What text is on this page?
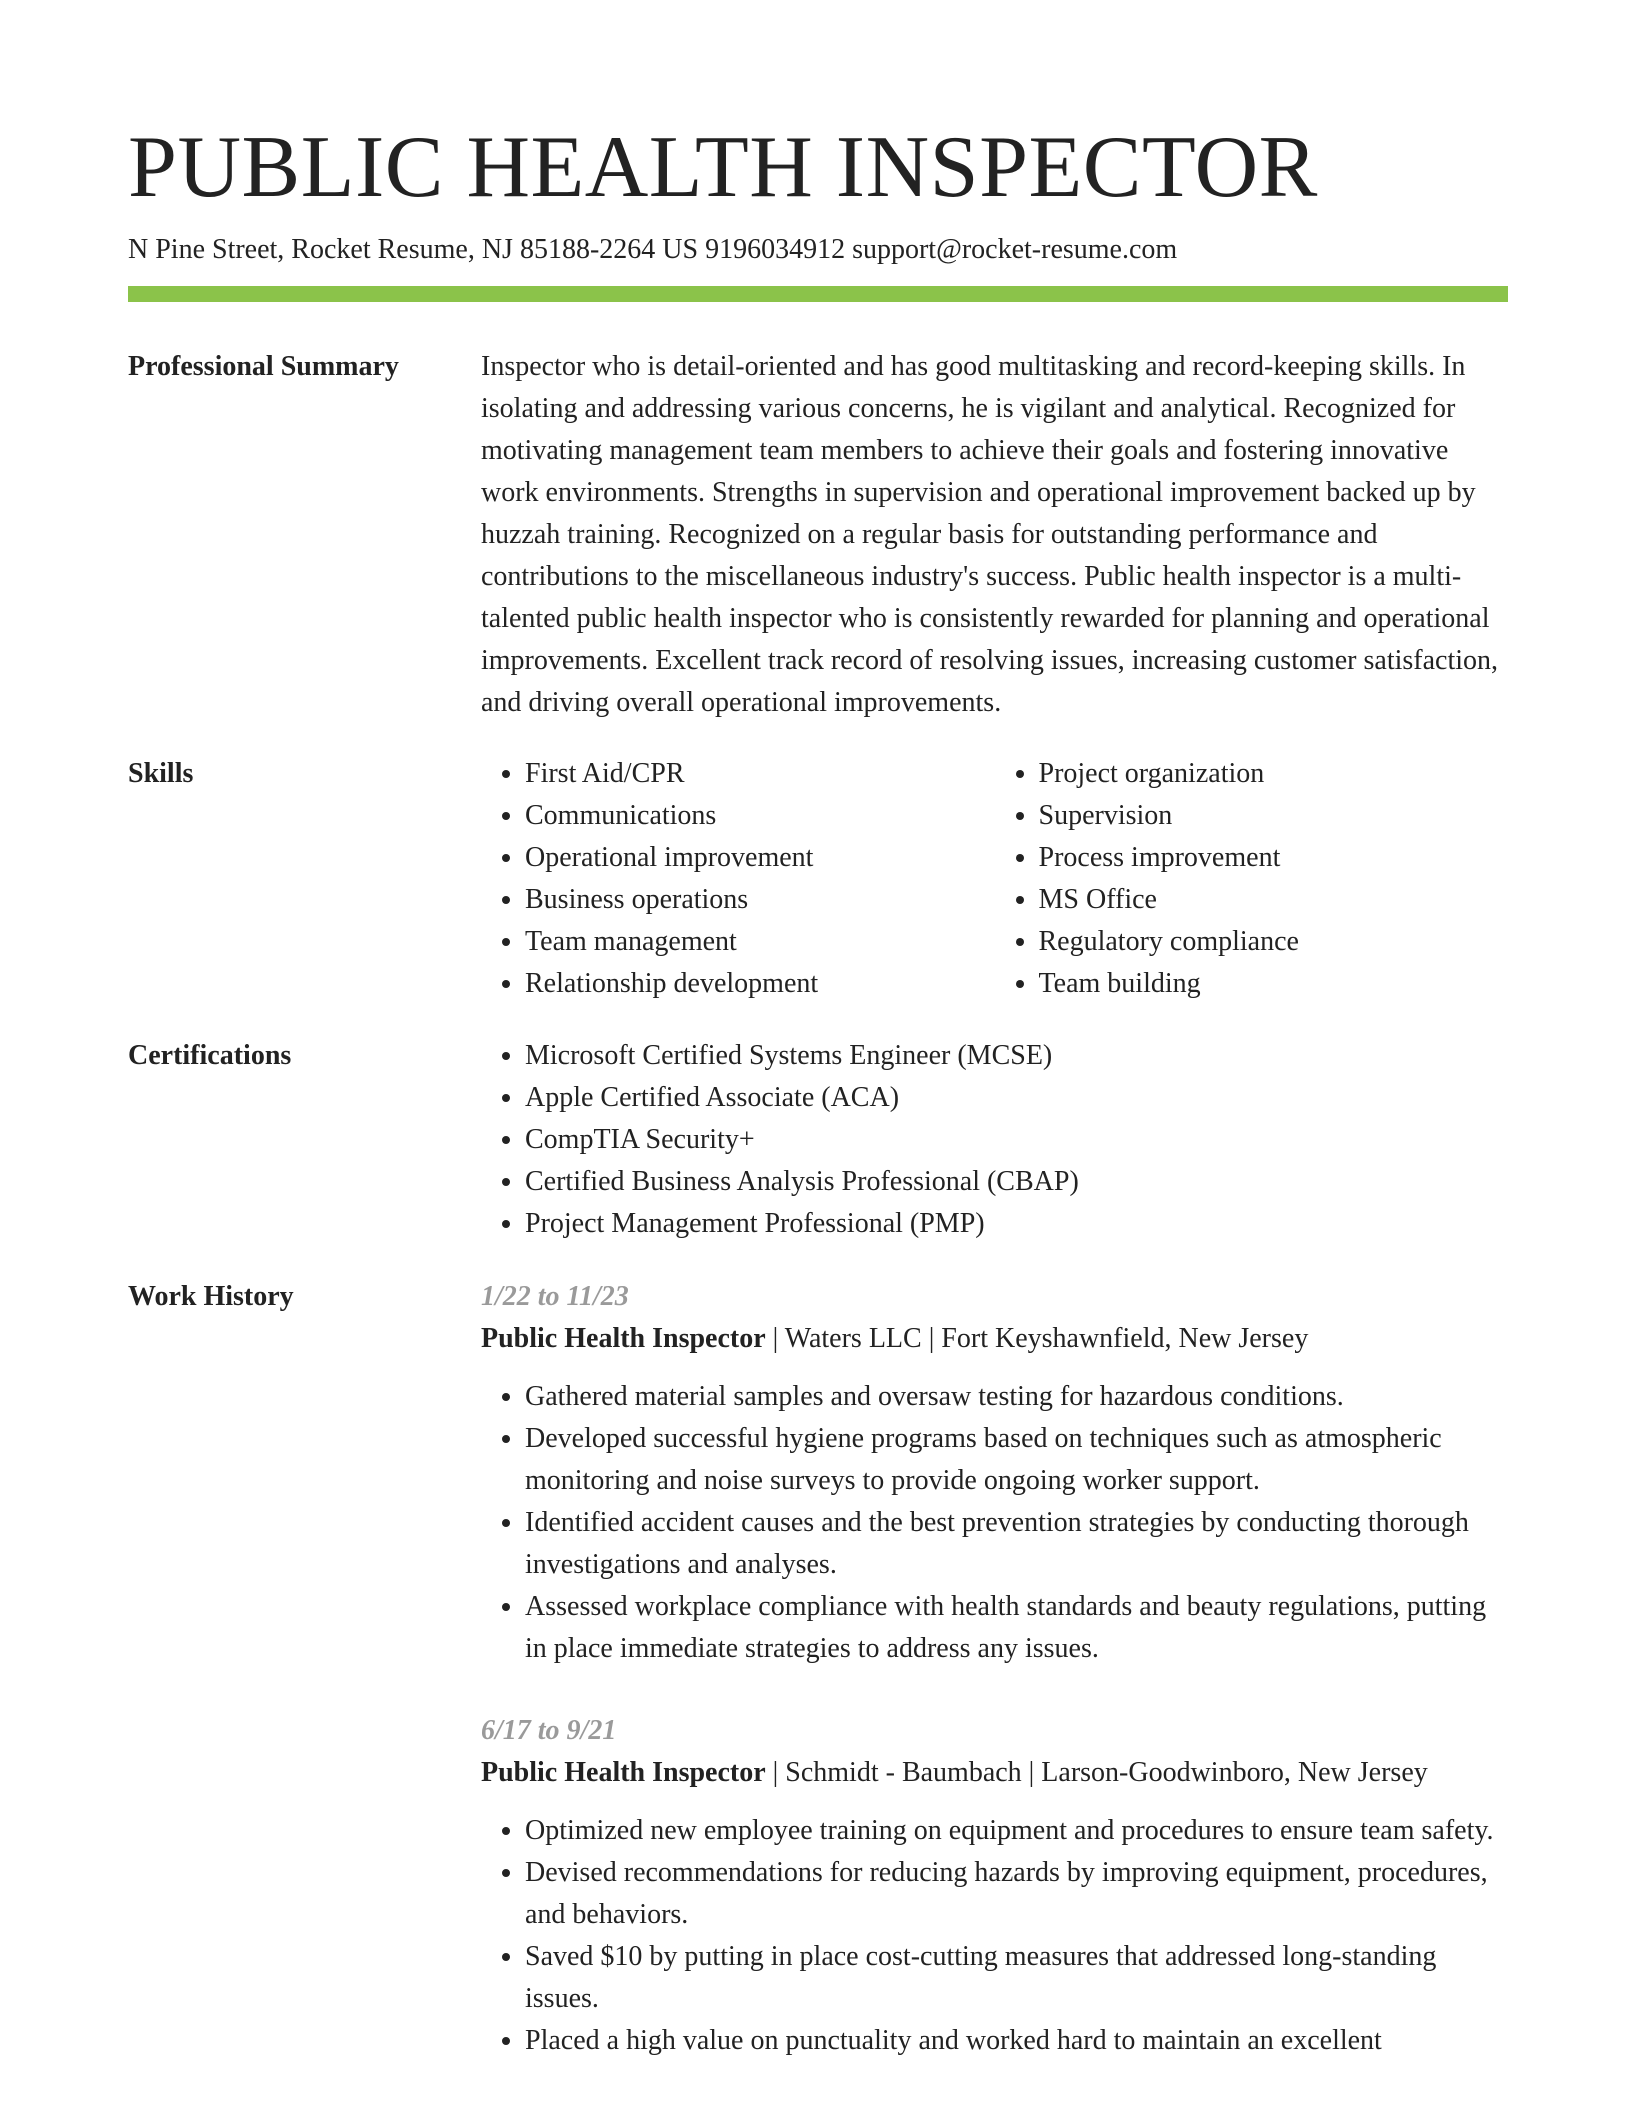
PUBLIC HEALTH INSPECTOR
N Pine Street, Rocket Resume, NJ 85188-2264 US 9196034912 support@rocket-resume.com
Professional Summary	Inspector who is detail-oriented and has good multitasking and record-keeping skills. In isolating and addressing various concerns, he is vigilant and analytical. Recognized for motivating management team members to achieve their goals and fostering innovative work environments. Strengths in supervision and operational improvement backed up by huzzah training. Recognized on a regular basis for outstanding performance and contributions to the miscellaneous industry's success. Public health inspector is a multi-talented public health inspector who is consistently rewarded for planning and operational improvements. Excellent track record of resolving issues, increasing customer satisfaction, and driving overall operational improvements.

Skills	• First Aid/CPR
• Communications
• Operational improvement
• Business operations
• Team management
• Relationship development
• Project organization
• Supervision
• Process improvement
• MS Office
• Regulatory compliance
• Team building
Certifications	• Microsoft Certified Systems Engineer (MCSE)
• Apple Certified Associate (ACA)
• CompTIA Security+
• Certified Business Analysis Professional (CBAP)
• Project Management Professional (PMP)
Work History	1/22 to 11/23
Public Health Inspector | Waters LLC | Fort Keyshawnfield, New Jersey
• Gathered material samples and oversaw testing for hazardous conditions.
• Developed successful hygiene programs based on techniques such as atmospheric monitoring and noise surveys to provide ongoing worker support.
• Identified accident causes and the best prevention strategies by conducting thorough investigations and analyses.
• Assessed workplace compliance with health standards and beauty regulations, putting in place immediate strategies to address any issues.
6/17 to 9/21
Public Health Inspector | Schmidt - Baumbach | Larson-Goodwinboro, New Jersey
• Optimized new employee training on equipment and procedures to ensure team safety.
• Devised recommendations for reducing hazards by improving equipment, procedures, and behaviors.
• Saved $10 by putting in place cost-cutting measures that addressed long-standing issues.
• Placed a high value on punctuality and worked hard to maintain an excellent
